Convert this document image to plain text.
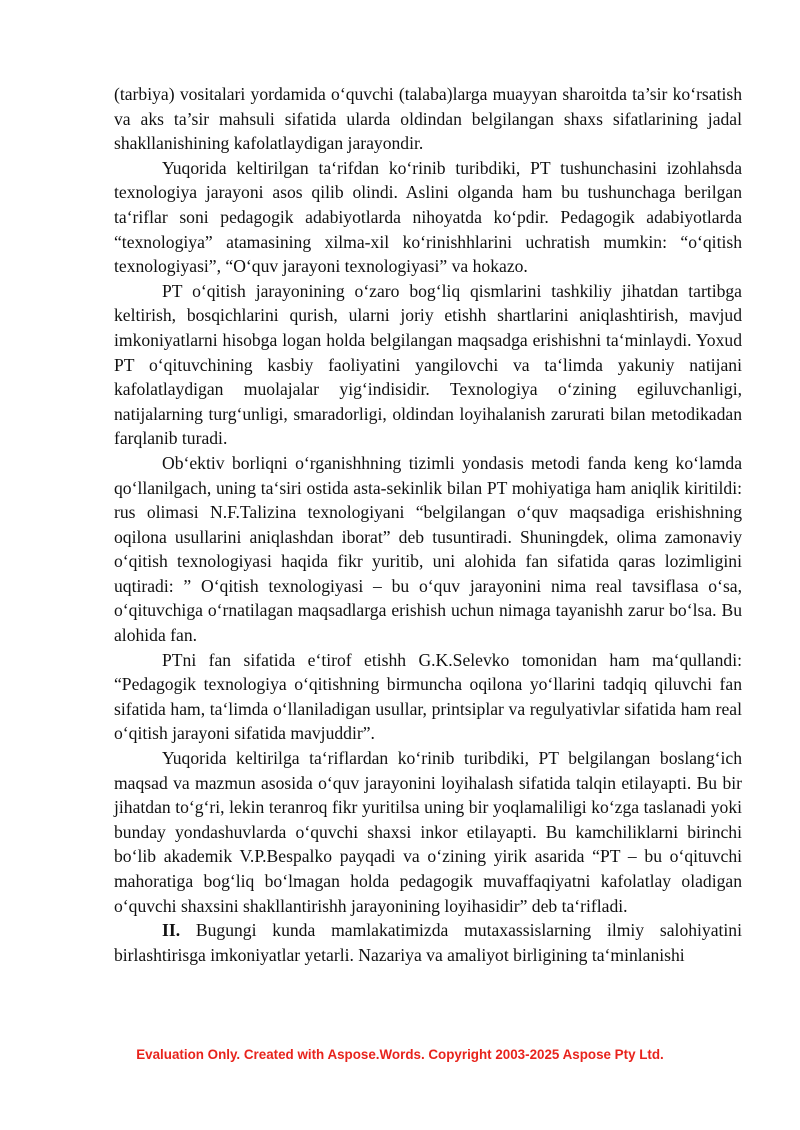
(tarbiya) vositalari yordamida o‘quvchi (talaba)larga muayyan sharoitda ta’sir ko‘rsatish va aks ta’sir mahsuli sifatida ularda oldindan belgilangan shaxs sifatlarining jadal shakllanishining kafolatlaydigan jarayondir.

Yuqorida keltirilgan ta‘rifdan ko‘rinib turibdiki, PT tushunchasini izohlahsda texnologiya jarayoni asos qilib olindi. Aslini olganda ham bu tushunchaga berilgan ta‘riflar soni pedagogik adabiyotlarda nihoyatda ko‘pdir. Pedagogik adabiyotlarda “texnologiya” atamasining xilma-xil ko‘rinishhlarini uchratish mumkin: “o‘qitish texnologiyasi”, “O‘quv jarayoni texnologiyasi” va hokazo.

PT o‘qitish jarayonining o‘zaro bog‘liq qismlarini tashkiliy jihatdan tartibga keltirish, bosqichlarini qurish, ularni joriy etishh shartlarini aniqlashtirish, mavjud imkoniyatlarni hisobga logan holda belgilangan maqsadga erishishni ta‘minlaydi. Yoxud PT o‘qituvchining kasbiy faoliyatini yangilovchi va ta‘limda yakuniy natijani kafolatlaydigan muolajalar yig‘indisidir. Texnologiya o‘zining egiluvchanligi, natijalarning turg‘unligi, smaradorligi, oldindan loyihalanish zarurati bilan metodikadan farqlanib turadi.

Ob‘ektiv borliqni o‘rganishhning tizimli yondasis metodi fanda keng ko‘lamda qo‘llanilgach, uning ta‘siri ostida asta-sekinlik bilan PT mohiyatiga ham aniqlik kiritildi: rus olimasi N.F.Talizina texnologiyani “belgilangan o‘quv maqsadiga erishishning oqilona usullarini aniqlashdan iborat” deb tusuntiradi. Shuningdek, olima zamonaviy o‘qitish texnologiyasi haqida fikr yuritib, uni alohida fan sifatida qaras lozimligini uqtiradi: ” O‘qitish texnologiyasi – bu o‘quv jarayonini nima real tavsiflasa o‘sa, o‘qituvchiga o‘rnatilagan maqsadlarga erishish uchun nimaga tayanishh zarur bo‘lsa. Bu alohida fan.

PTni fan sifatida e‘tirof etishh G.K.Selevko tomonidan ham ma‘qullandi: “Pedagogik texnologiya o‘qitishning birmuncha oqilona yo‘llarini tadqiq qiluvchi fan sifatida ham, ta‘limda o‘llaniladigan usullar, printsiplar va regulyativlar sifatida ham real o‘qitish jarayoni sifatida mavjuddir”.

Yuqorida keltirilga ta‘riflardan ko‘rinib turibdiki, PT belgilangan boslang‘ich maqsad va mazmun asosida o‘quv jarayonini loyihalash sifatida talqin etilayapti. Bu bir jihatdan to‘g‘ri, lekin teranroq fikr yuritilsa uning bir yoqlamaliligi ko‘zga taslanadi yoki bunday yondashuvlarda o‘quvchi shaxsi inkor etilayapti. Bu kamchiliklarni birinchi bo‘lib akademik V.P.Bespalko payqadi va o‘zining yirik asarida “PT – bu o‘qituvchi mahoratiga bog‘liq bo‘lmagan holda pedagogik muvaffaqiyatni kafolatlay oladigan o‘quvchi shaxsini shakllantirishh jarayonining loyihasidir” deb ta‘rifladi.

II. Bugungi kunda mamlakatimizda mutaxassislarning ilmiy salohiyatini birlashtirisga imkoniyatlar yetarli. Nazariya va amaliyot birligining ta‘minlanishi

Evaluation Only. Created with Aspose.Words. Copyright 2003-2025 Aspose Pty Ltd.
